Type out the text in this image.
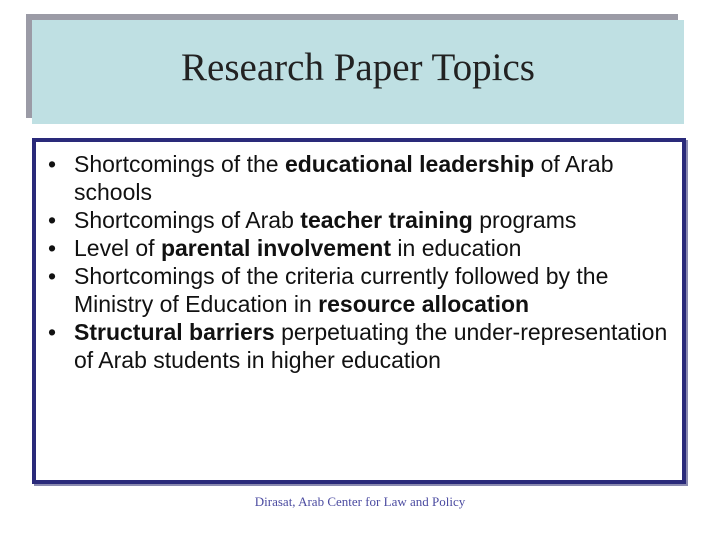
Research Paper Topics
• Shortcomings of the educational leadership of Arab schools
• Shortcomings of Arab teacher training programs
• Level of parental involvement in education
• Shortcomings of the criteria currently followed by the Ministry of Education in resource allocation
• Structural barriers perpetuating the under-representation of Arab students in higher education
Dirasat, Arab Center for Law and Policy
